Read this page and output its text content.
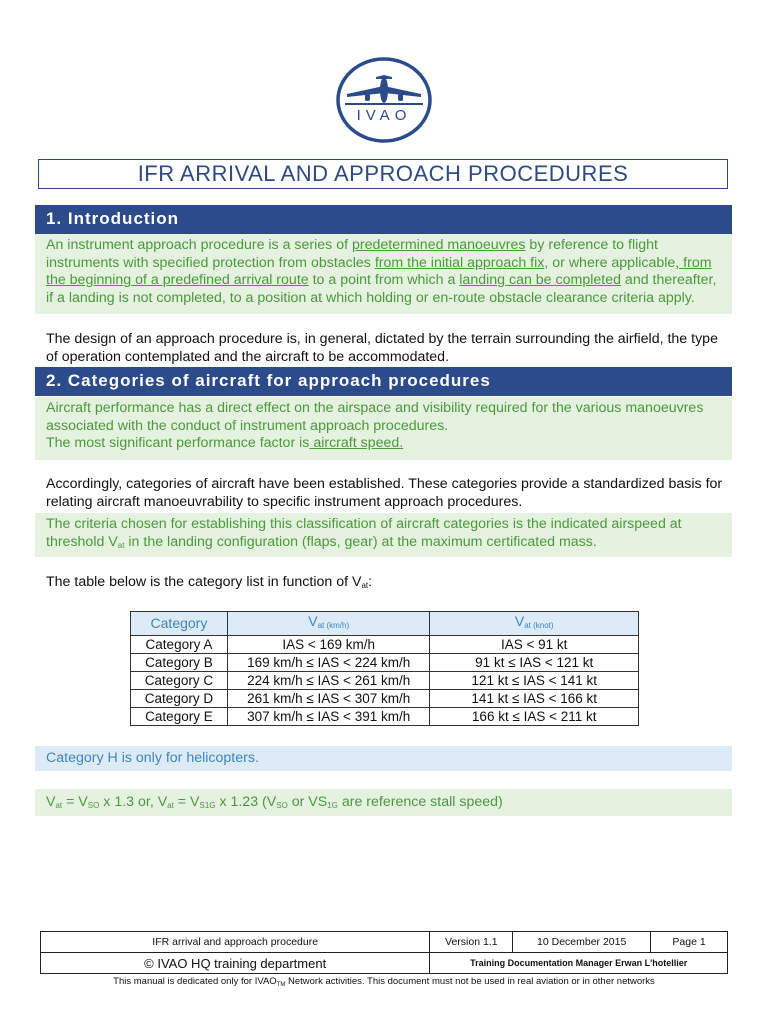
IVAO
IFR ARRIVAL AND APPROACH PROCEDURES
1. Introduction
An instrument approach procedure is a series of predetermined manoeuvres by reference to flight instruments with specified protection from obstacles from the initial approach fix, or where applicable, from the beginning of a predefined arrival route to a point from which a landing can be completed and thereafter, if a landing is not completed, to a position at which holding or en-route obstacle clearance criteria apply.
The design of an approach procedure is, in general, dictated by the terrain surrounding the airfield, the type of operation contemplated and the aircraft to be accommodated.
2. Categories of aircraft for approach procedures
Aircraft performance has a direct effect on the airspace and visibility required for the various manoeuvres associated with the conduct of instrument approach procedures.
The most significant performance factor is aircraft speed.
Accordingly, categories of aircraft have been established. These categories provide a standardized basis for relating aircraft manoeuvrability to specific instrument approach procedures.
The criteria chosen for establishing this classification of aircraft categories is the indicated airspeed at threshold $V_{at}$ in the landing configuration (flaps, gear) at the maximum certificated mass.
The table below is the category list in function of $V_{at}$:
Category	$V_{at (km/h)}$	$V_{at (knot)}$
Category A	IAS < 169 km/h	IAS < 91 kt
Category B	169 km/h ≤ IAS < 224 km/h	91 kt ≤ IAS < 121 kt
Category C	224 km/h ≤ IAS < 261 km/h	121 kt ≤ IAS < 141 kt
Category D	261 km/h ≤ IAS < 307 km/h	141 kt ≤ IAS < 166 kt
Category E	307 km/h ≤ IAS < 391 km/h	166 kt ≤ IAS < 211 kt
Category H is only for helicopters.
$V_{at} = V_{SO}$ x 1.3 or, $V_{at} = V_{S1G}$ x 1.23 ($V_{SO}$ or $VS_{1G}$ are reference stall speed)
IFR arrival and approach procedure	Version 1.1	10 December 2015	Page 1
© IVAO HQ training department	Training Documentation Manager Erwan L'hotellier		
This manual is dedicated only for $IVAO_{TM}$ Network activities. This document must not be used in real aviation or in other networks
